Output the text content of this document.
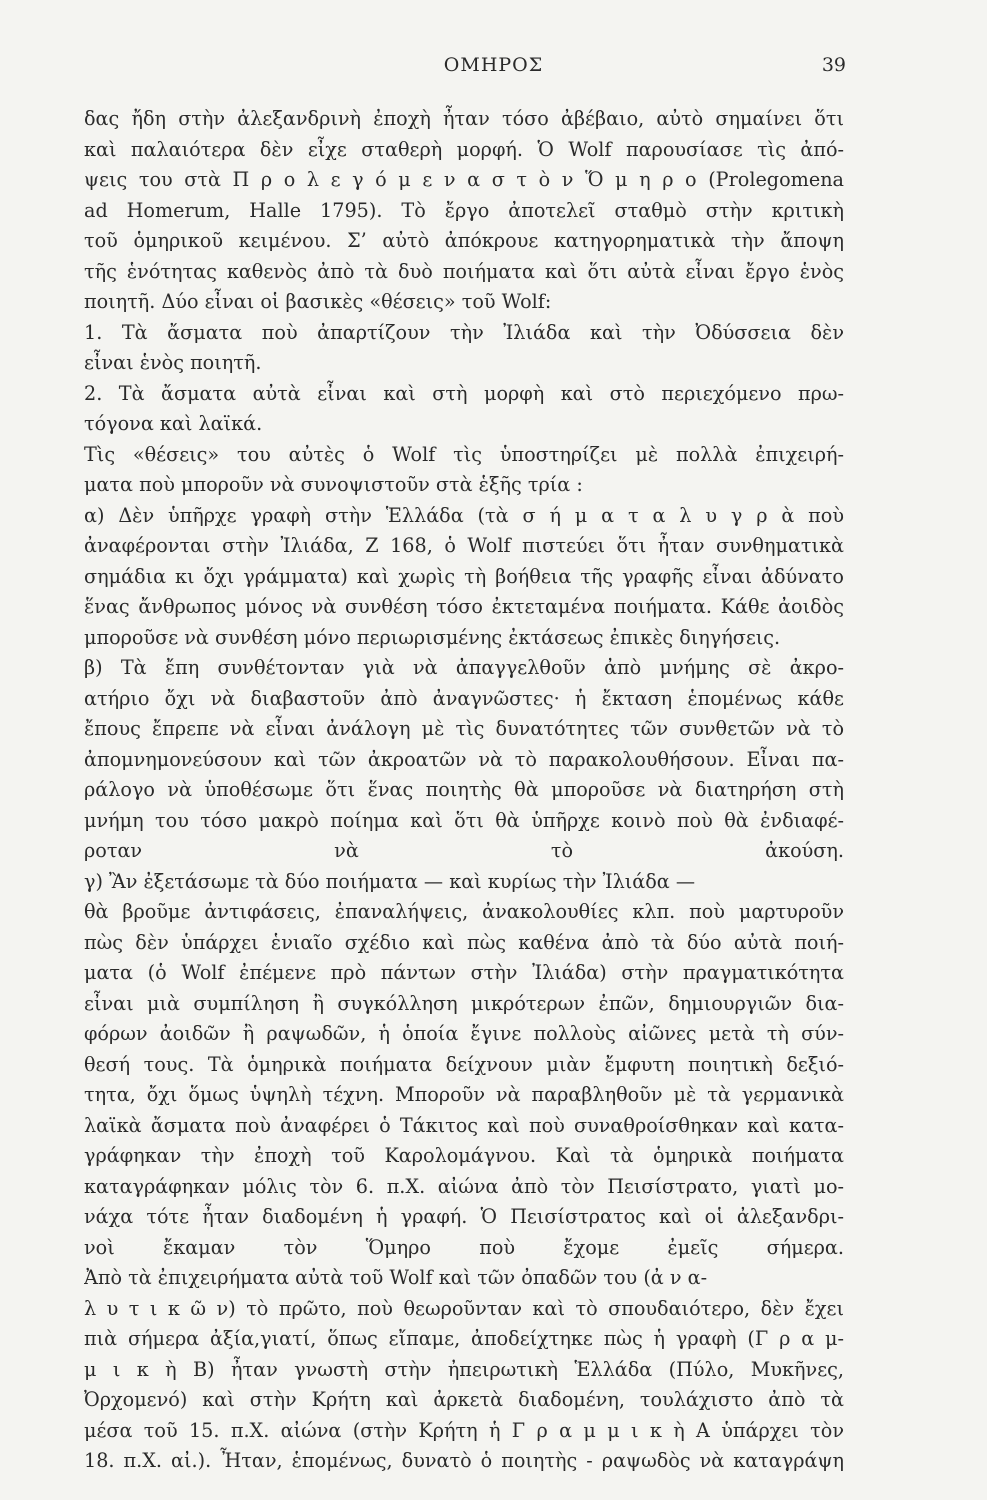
ΟΜΗΡΟΣ	39
δας ἤδη στὴν ἀλεξανδρινὴ ἐποχὴ ἦταν τόσο ἀβέβαιο, αὐτὸ σημαίνει ὅτι
καὶ παλαιότερα δὲν εἶχε σταθερὴ μορφή. Ὁ Wolf παρουσίασε τὶς ἀπό-
ψεις του στὰ Π ρ ο λ ε γ ό μ ε ν α σ τ ὸ ν Ὅ μ η ρ ο (Prolegomena
ad Homerum, Halle 1795). Τὸ ἔργο ἀποτελεῖ σταθμὸ στὴν κριτικὴ
τοῦ ὁμηρικοῦ κειμένου. Σ’ αὐτὸ ἀπόκρουε κατηγορηματικὰ τὴν ἄποψη
τῆς ἑνότητας καθενὸς ἀπὸ τὰ δυὸ ποιήματα καὶ ὅτι αὐτὰ εἶναι ἔργο ἑνὸς
ποιητῆ. Δύο εἶναι οἱ βασικὲς «θέσεις» τοῦ Wolf:
1. Τὰ ἄσματα ποὺ ἀπαρτίζουν τὴν Ἰλιάδα καὶ τὴν Ὀδύσσεια δὲν
εἶναι ἑνὸς ποιητῆ.
2. Τὰ ἄσματα αὐτὰ εἶναι καὶ στὴ μορφὴ καὶ στὸ περιεχόμενο πρω-
τόγονα καὶ λαϊκά.
Τὶς «θέσεις» του αὐτὲς ὁ Wolf τὶς ὑποστηρίζει μὲ πολλὰ ἐπιχειρή-
ματα ποὺ μποροῦν νὰ συνοψιστοῦν στὰ ἑξῆς τρία :
α) Δὲν ὑπῆρχε γραφὴ στὴν Ἑλλάδα (τὰ σ ή μ α τ α λ υ γ ρ ὰ ποὺ
ἀναφέρονται στὴν Ἰλιάδα, Ζ 168, ὁ Wolf πιστεύει ὅτι ἦταν συνθηματικὰ
σημάδια κι ὄχι γράμματα) καὶ χωρὶς τὴ βοήθεια τῆς γραφῆς εἶναι ἀδύνατο
ἕνας ἄνθρωπος μόνος νὰ συνθέση τόσο ἐκτεταμένα ποιήματα. Κάθε ἀοιδὸς
μποροῦσε νὰ συνθέση μόνο περιωρισμένης ἐκτάσεως ἐπικὲς διηγήσεις.
β) Τὰ ἔπη συνθέτονταν γιὰ νὰ ἀπαγγελθοῦν ἀπὸ μνήμης σὲ ἀκρο-
ατήριο ὄχι νὰ διαβαστοῦν ἀπὸ ἀναγνῶστες· ἡ ἔκταση ἑπομένως κάθε
ἔπους ἔπρεπε νὰ εἶναι ἀνάλογη μὲ τὶς δυνατότητες τῶν συνθετῶν νὰ τὸ
ἀπομνημονεύσουν καὶ τῶν ἀκροατῶν νὰ τὸ παρακολουθήσουν. Εἶναι πα-
ράλογο νὰ ὑποθέσωμε ὅτι ἕνας ποιητὴς θὰ μποροῦσε νὰ διατηρήση στὴ
μνήμη του τόσο μακρὸ ποίημα καὶ ὅτι θὰ ὑπῆρχε κοινὸ ποὺ θὰ ἐνδιαφέ-
ροταν νὰ τὸ ἀκούση.
γ) Ἂν ἐξετάσωμε τὰ δύο ποιήματα — καὶ κυρίως τὴν Ἰλιάδα —
θὰ βροῦμε ἀντιφάσεις, ἐπαναλήψεις, ἀνακολουθίες κλπ. ποὺ μαρτυροῦν
πὼς δὲν ὑπάρχει ἑνιαῖο σχέδιο καὶ πὼς καθένα ἀπὸ τὰ δύο αὐτὰ ποιή-
ματα (ὁ Wolf ἐπέμενε πρὸ πάντων στὴν Ἰλιάδα) στὴν πραγματικότητα
εἶναι μιὰ συμπίληση ἢ συγκόλληση μικρότερων ἐπῶν, δημιουργιῶν δια-
φόρων ἀοιδῶν ἢ ραψωδῶν, ἡ ὁποία ἔγινε πολλοὺς αἰῶνες μετὰ τὴ σύν-
θεσή τους. Τὰ ὁμηρικὰ ποιήματα δείχνουν μιὰν ἔμφυτη ποιητικὴ δεξιό-
τητα, ὄχι ὅμως ὑψηλὴ τέχνη. Μποροῦν νὰ παραβληθοῦν μὲ τὰ γερμανικὰ
λαϊκὰ ἄσματα ποὺ ἀναφέρει ὁ Τάκιτος καὶ ποὺ συναθροίσθηκαν καὶ κατα-
γράφηκαν τὴν ἐποχὴ τοῦ Καρολομάγνου. Καὶ τὰ ὁμηρικὰ ποιήματα
καταγράφηκαν μόλις τὸν 6. π.Χ. αἰώνα ἀπὸ τὸν Πεισίστρατο, γιατὶ μο-
νάχα τότε ἦταν διαδομένη ἡ γραφή. Ὁ Πεισίστρατος καὶ οἱ ἀλεξανδρι-
νοὶ ἔκαμαν τὸν Ὅμηρο ποὺ ἔχομε ἐμεῖς σήμερα.
Ἀπὸ τὰ ἐπιχειρήματα αὐτὰ τοῦ Wolf καὶ τῶν ὀπαδῶν του (ἀ ν α-
λ υ τ ι κ ῶ ν) τὸ πρῶτο, ποὺ θεωροῦνταν καὶ τὸ σπουδαιότερο, δὲν ἔχει
πιὰ σήμερα ἀξία,γιατί, ὅπως εἴπαμε, ἀποδείχτηκε πὼς ἡ γραφὴ (Γ ρ α μ-
μ ι κ ὴ Β) ἦταν γνωστὴ στὴν ἠπειρωτικὴ Ἑλλάδα (Πύλο, Μυκῆνες,
Ὀρχομενό) καὶ στὴν Κρήτη καὶ ἀρκετὰ διαδομένη, τουλάχιστο ἀπὸ τὰ
μέσα τοῦ 15. π.Χ. αἰώνα (στὴν Κρήτη ἡ Γ ρ α μ μ ι κ ὴ Α ὑπάρχει τὸν
18. π.Χ. αἰ.). Ἦταν, ἑπομένως, δυνατὸ ὁ ποιητὴς - ραψωδὸς νὰ καταγράψη
